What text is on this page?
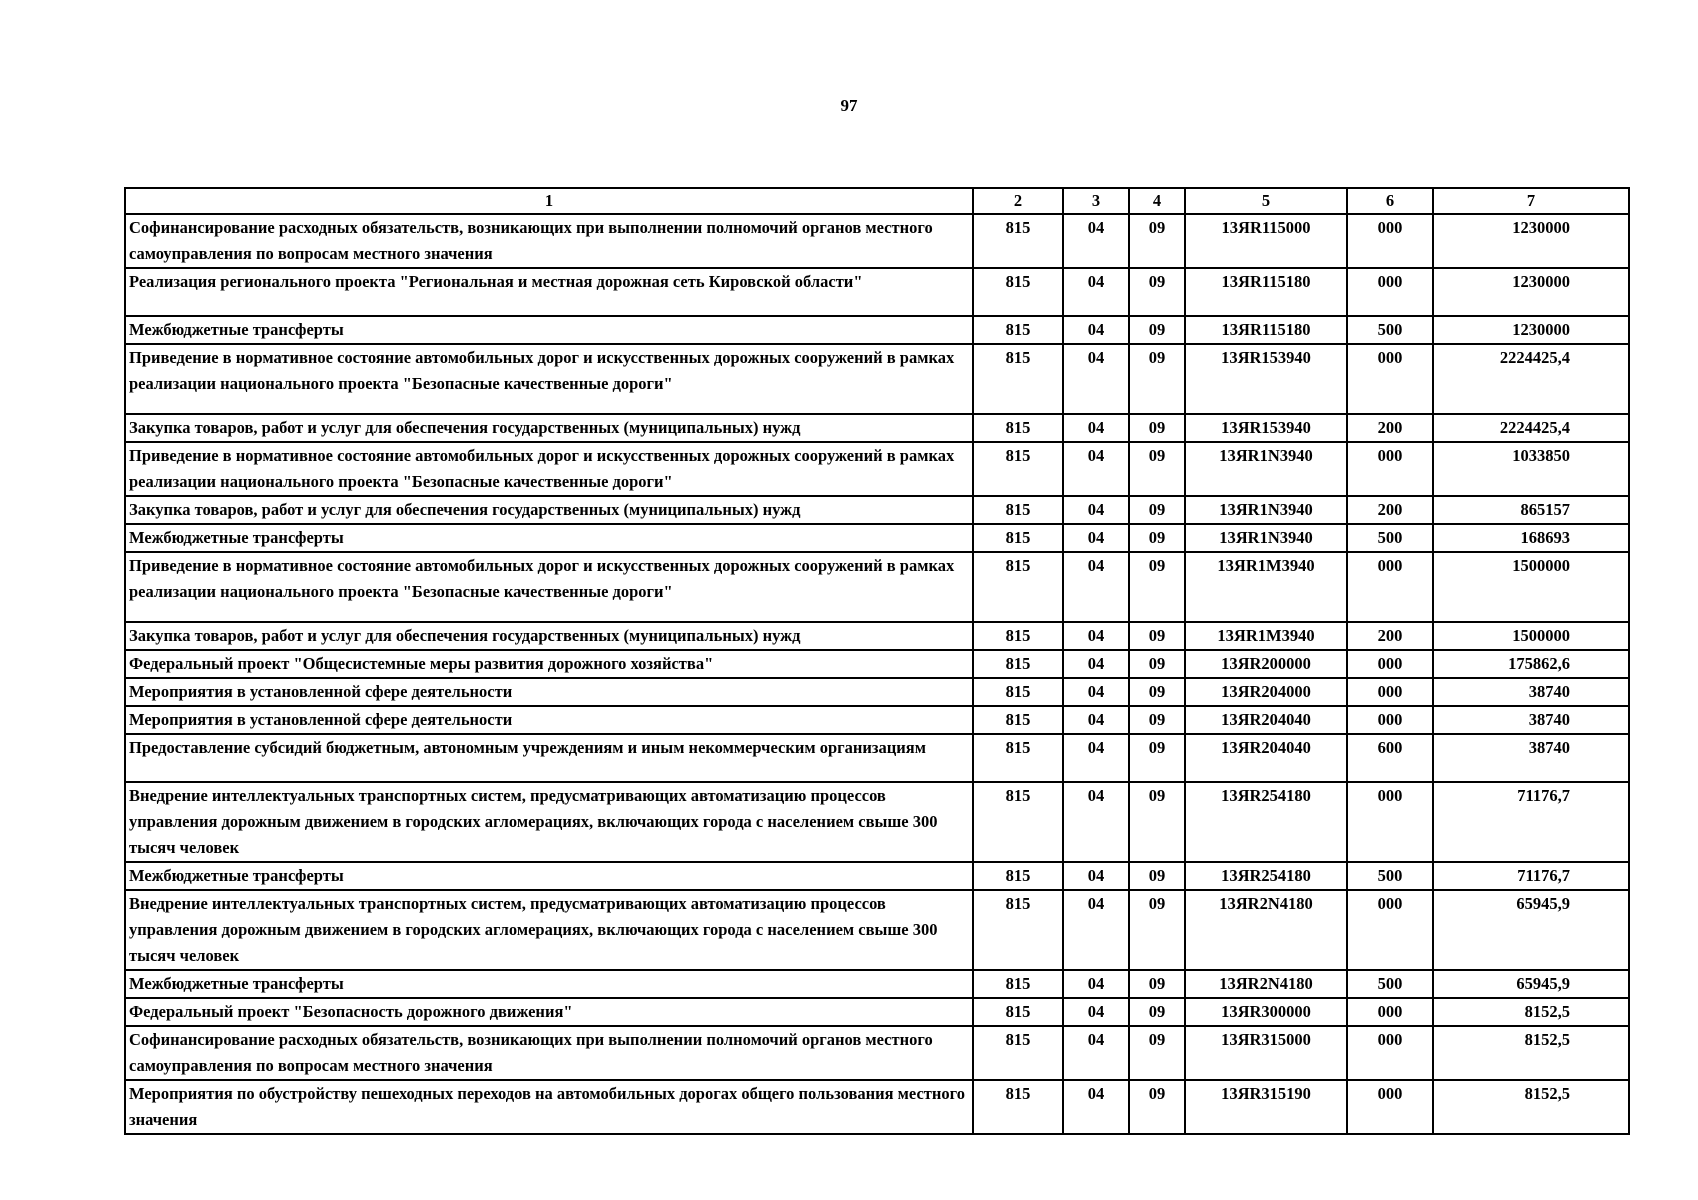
97
1	2	3	4	5	6	7
Софинансирование расходных обязательств, возникающих при выполнении полномочий органов местного самоуправления по вопросам местного значения	815	04	09	13ЯR115000	000	1230000
Реализация регионального проекта "Региональная и местная дорожная сеть Кировской области"	815	04	09	13ЯR115180	000	1230000
Межбюджетные трансферты	815	04	09	13ЯR115180	500	1230000
Приведение в нормативное состояние автомобильных дорог и искусственных дорожных сооружений в рамках реализации национального проекта "Безопасные качественные дороги"	815	04	09	13ЯR153940	000	2224425,4
Закупка товаров, работ и услуг для обеспечения государственных (муниципальных) нужд	815	04	09	13ЯR153940	200	2224425,4
Приведение в нормативное состояние автомобильных дорог и искусственных дорожных сооружений в рамках реализации национального проекта "Безопасные качественные дороги"	815	04	09	13ЯR1N3940	000	1033850
Закупка товаров, работ и услуг для обеспечения государственных (муниципальных) нужд	815	04	09	13ЯR1N3940	200	865157
Межбюджетные трансферты	815	04	09	13ЯR1N3940	500	168693
Приведение в нормативное состояние автомобильных дорог и искусственных дорожных сооружений в рамках реализации национального проекта "Безопасные качественные дороги"	815	04	09	13ЯR1M3940	000	1500000
Закупка товаров, работ и услуг для обеспечения государственных (муниципальных) нужд	815	04	09	13ЯR1M3940	200	1500000
Федеральный проект "Общесистемные меры развития дорожного хозяйства"	815	04	09	13ЯR200000	000	175862,6
Мероприятия в установленной сфере деятельности	815	04	09	13ЯR204000	000	38740
Мероприятия в установленной сфере деятельности	815	04	09	13ЯR204040	000	38740
Предоставление субсидий бюджетным, автономным учреждениям и иным некоммерческим организациям	815	04	09	13ЯR204040	600	38740
Внедрение интеллектуальных транспортных систем, предусматривающих автоматизацию процессов управления дорожным движением в городских агломерациях, включающих города с населением свыше 300 тысяч человек	815	04	09	13ЯR254180	000	71176,7
Межбюджетные трансферты	815	04	09	13ЯR254180	500	71176,7
Внедрение интеллектуальных транспортных систем, предусматривающих автоматизацию процессов управления дорожным движением в городских агломерациях, включающих города с населением свыше 300 тысяч человек	815	04	09	13ЯR2N4180	000	65945,9
Межбюджетные трансферты	815	04	09	13ЯR2N4180	500	65945,9
Федеральный проект "Безопасность дорожного движения"	815	04	09	13ЯR300000	000	8152,5
Софинансирование расходных обязательств, возникающих при выполнении полномочий органов местного самоуправления по вопросам местного значения	815	04	09	13ЯR315000	000	8152,5
Мероприятия по обустройству пешеходных переходов на автомобильных дорогах общего пользования местного значения	815	04	09	13ЯR315190	000	8152,5
